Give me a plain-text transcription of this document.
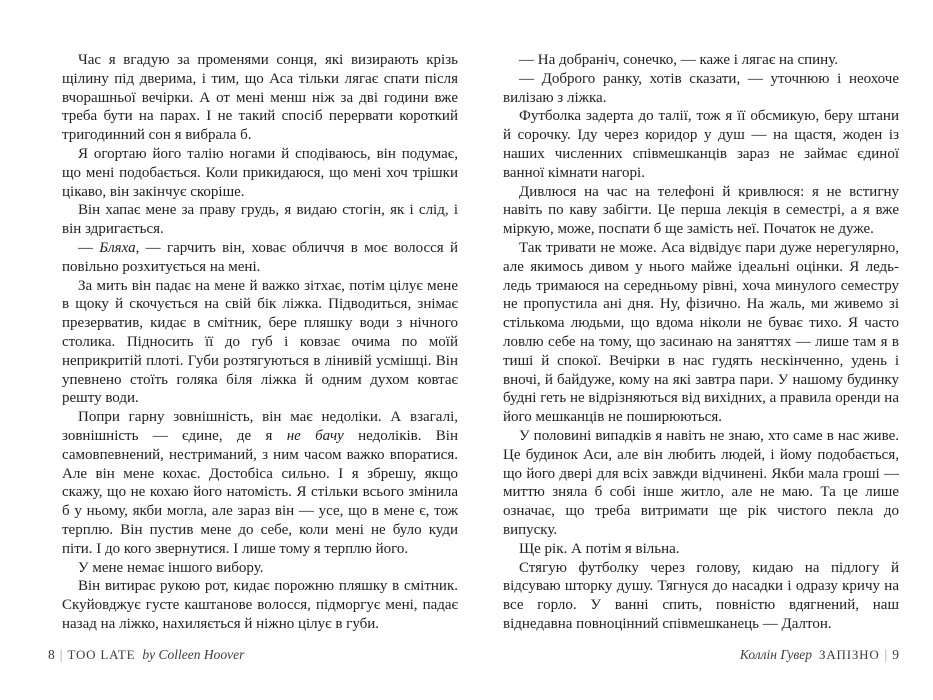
Час я вгадую за променями сонця, які визирають крізь щілину під дверима, і тим, що Аса тільки лягає спати після вчорашньої вечірки. А от мені менш ніж за дві години вже треба бути на парах. І не такий спосіб перервати короткий тригодинний сон я вибрала б.

Я огортаю його талію ногами й сподіваюсь, він подумає, що мені подобається. Коли прикидаюся, що мені хоч трішки цікаво, він закінчує скоріше.

Він хапає мене за праву грудь, я видаю стогін, як і слід, і він здригається.

— Бляха, — гарчить він, ховає обличчя в моє волосся й повільно розхитується на мені.

За мить він падає на мене й важко зітхає, потім цілує мене в щоку й скочується на свій бік ліжка. Підводиться, знімає презерватив, кидає в смітник, бере пляшку води з нічного столика. Підносить її до губ і ковзає очима по моїй неприкритій плоті. Губи розтягуються в лінивій усмішці. Він упевнено стоїть голяка біля ліжка й одним духом ковтає решту води.

Попри гарну зовнішність, він має недоліки. А взагалі, зовнішність — єдине, де я не бачу недоліків. Він самовпевнений, нестриманий, з ним часом важко впоратися. Але він мене кохає. Достобіса сильно. І я збрешу, якщо скажу, що не кохаю його натомість. Я стільки всього змінила б у ньому, якби могла, але зараз він — усе, що в мене є, тож терплю. Він пустив мене до себе, коли мені не було куди піти. І до кого звернутися. І лише тому я терплю його.

У мене немає іншого вибору.

Він витирає рукою рот, кидає порожню пляшку в смітник. Скуйовджує густе каштанове волосся, підморгує мені, падає назад на ліжко, нахиляється й ніжно цілує в губи.

8 | TOO LATE by Colleen Hoover

— На добраніч, сонечко, — каже і лягає на спину.

— Доброго ранку, хотів сказати, — уточнюю і неохоче вилізаю з ліжка.

Футболка задерта до талії, тож я її обсмикую, беру штани й сорочку. Іду через коридор у душ — на щастя, жоден із наших численних співмешканців зараз не займає єдиної ванної кімнати нагорі.

Дивлюся на час на телефоні й кривлюся: я не встигну навіть по каву забігти. Це перша лекція в семестрі, а я вже міркую, може, поспати б ще замість неї. Початок не дуже.

Так тривати не може. Аса відвідує пари дуже нерегулярно, але якимось дивом у нього майже ідеальні оцінки. Я ледь-ледь тримаюся на середньому рівні, хоча минулого семестру не пропустила ані дня. Ну, фізично. На жаль, ми живемо зі стількома людьми, що вдома ніколи не буває тихо. Я часто ловлю себе на тому, що засинаю на заняттях — лише там я в тиші й спокої. Вечірки в нас гудять нескінченно, удень і вночі, й байдуже, кому на які завтра пари. У нашому будинку будні геть не відрізняються від вихідних, а правила оренди на його мешканців не поширюються.

У половині випадків я навіть не знаю, хто саме в нас живе. Це будинок Аси, але він любить людей, і йому подобається, що його двері для всіх завжди відчинені. Якби мала гроші — миттю зняла б собі інше житло, але не маю. Та це лише означає, що треба витримати ще рік чистого пекла до випуску.

Ще рік. А потім я вільна.

Стягую футболку через голову, кидаю на підлогу й відсуваю шторку душу. Тягнуся до насадки і одразу кричу на все горло. У ванні спить, повністю вдягнений, наш віднедавна повноцінний співмешканець — Далтон.

Коллін Гувер ЗАПІЗНО | 9
